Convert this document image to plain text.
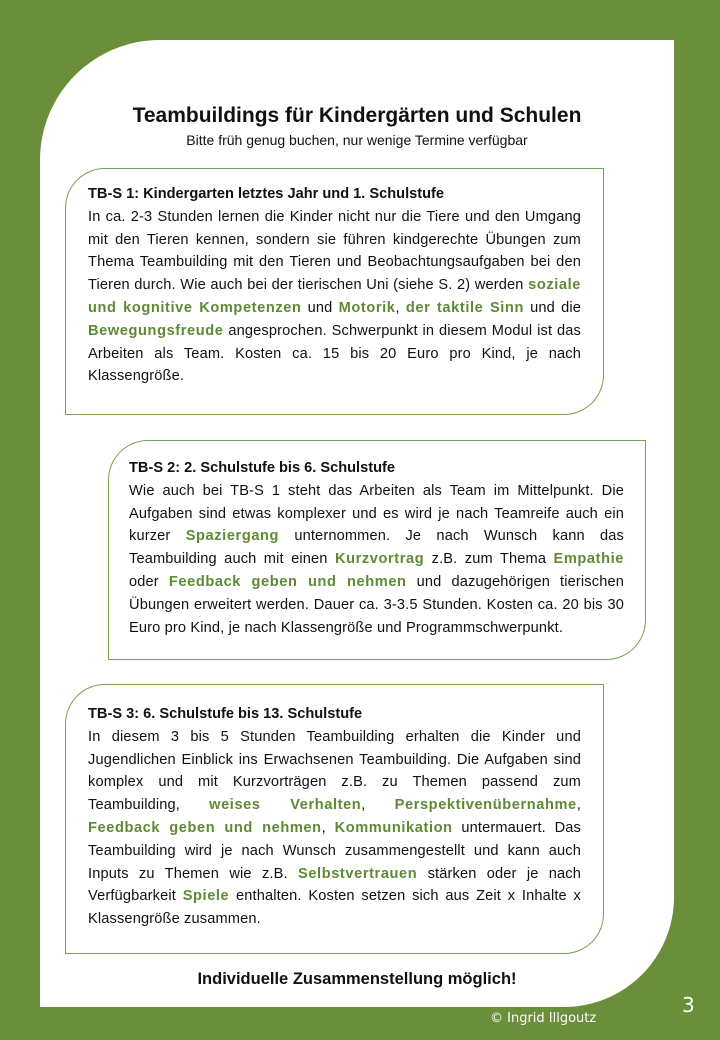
Teambuildings für Kindergärten und Schulen
Bitte früh genug buchen, nur wenige Termine verfügbar
TB-S 1: Kindergarten letztes Jahr und 1. Schulstufe

In ca. 2-3 Stunden lernen die Kinder nicht nur die Tiere und den Umgang mit den Tieren kennen, sondern sie führen kindgerechte Übungen zum Thema Teambuilding mit den Tieren und Beobachtungsaufgaben bei den Tieren durch. Wie auch bei der tierischen Uni (siehe S. 2) werden soziale und kognitive Kompetenzen und Motorik, der taktile Sinn und die Bewegungsfreude angesprochen. Schwerpunkt in diesem Modul ist das Arbeiten als Team. Kosten ca. 15 bis 20 Euro pro Kind, je nach Klassengröße.

TB-S 2: 2. Schulstufe bis 6. Schulstufe

Wie auch bei TB-S 1 steht das Arbeiten als Team im Mittelpunkt. Die Aufgaben sind etwas komplexer und es wird je nach Teamreife auch ein kurzer Spaziergang unternommen. Je nach Wunsch kann das Teambuilding auch mit einen Kurzvortrag z.B. zum Thema Empathie oder Feedback geben und nehmen und dazugehörigen tierischen Übungen erweitert werden. Dauer ca. 3-3.5 Stunden. Kosten ca. 20 bis 30 Euro pro Kind, je nach Klassengröße und Programmschwerpunkt.

TB-S 3: 6. Schulstufe bis 13. Schulstufe

In diesem 3 bis 5 Stunden Teambuilding erhalten die Kinder und Jugendlichen Einblick ins Erwachsenen Teambuilding. Die Aufgaben sind komplex und mit Kurzvorträgen z.B. zu Themen passend zum Teambuilding, weises Verhalten, Perspektivenübernahme, Feedback geben und nehmen, Kommunikation untermauert. Das Teambuilding wird je nach Wunsch zusammengestellt und kann auch Inputs zu Themen wie z.B. Selbstvertrauen stärken oder je nach Verfügbarkeit Spiele enthalten. Kosten setzen sich aus Zeit x Inhalte x Klassengröße zusammen.

Individuelle Zusammenstellung möglich!
© Ingrid Illgoutz
3
